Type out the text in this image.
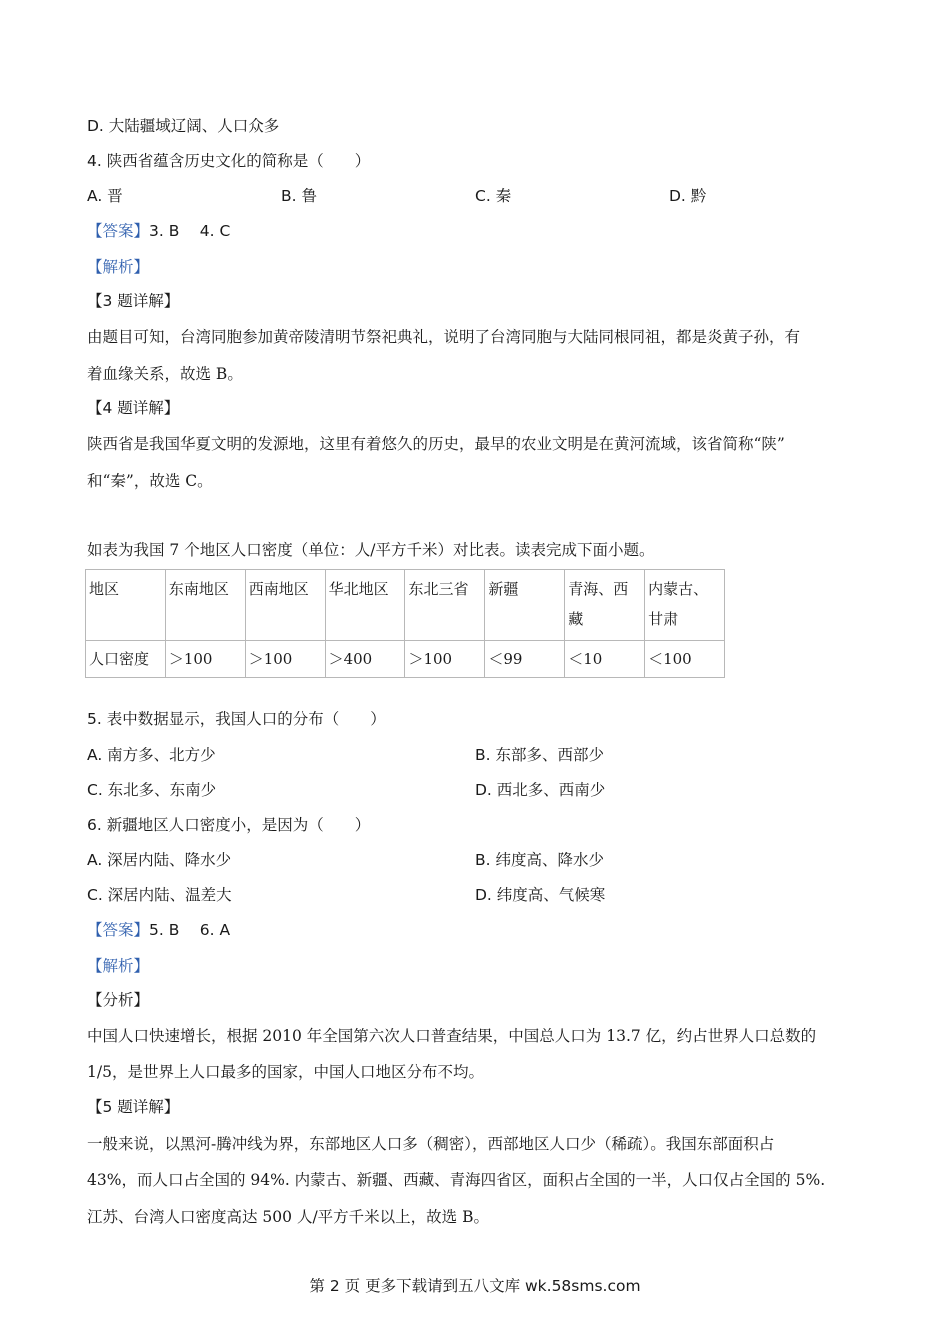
D. 大陆疆域辽阔、人口众多
4. 陕西省蕴含历史文化的简称是（　　）
A. 晋	B. 鲁	C. 秦	D. 黔
【答案】3. B　 4. C
【解析】
【3 题详解】
由题目可知，台湾同胞参加黄帝陵清明节祭祀典礼，说明了台湾同胞与大陆同根同祖，都是炎黄子孙，有
着血缘关系，故选 B。
【4 题详解】
陕西省是我国华夏文明的发源地，这里有着悠久的历史，最早的农业文明是在黄河流域，该省简称“陕”
和“秦”，故选 C。
如表为我国 7 个地区人口密度（单位：人/平方千米）对比表。读表完成下面小题。
地区	东南地区	西南地区	华北地区	东北三省	新疆	青海、西藏	内蒙古、甘肃
人口密度	＞100	＞100	＞400	＞100	＜99	＜10	＜100
5. 表中数据显示，我国人口的分布（　　）
A. 南方多、北方少	B. 东部多、西部少
C. 东北多、东南少	D. 西北多、西南少
6. 新疆地区人口密度小，是因为（　　）
A. 深居内陆、降水少	B. 纬度高、降水少
C. 深居内陆、温差大	D. 纬度高、气候寒
【答案】5. B　 6. A
【解析】
【分析】
中国人口快速增长，根据 2010 年全国第六次人口普查结果，中国总人口为 13.7 亿，约占世界人口总数的
1/5，是世界上人口最多的国家，中国人口地区分布不均。
【5 题详解】
一般来说，以黑河-腾冲线为界，东部地区人口多（稠密），西部地区人口少（稀疏）。我国东部面积占
43%，而人口占全国的 94%. 内蒙古、新疆、西藏、青海四省区，面积占全国的一半，人口仅占全国的 5%.
江苏、台湾人口密度高达 500 人/平方千米以上，故选 B。
第 2 页 更多下载请到五八文库 wk.58sms.com
